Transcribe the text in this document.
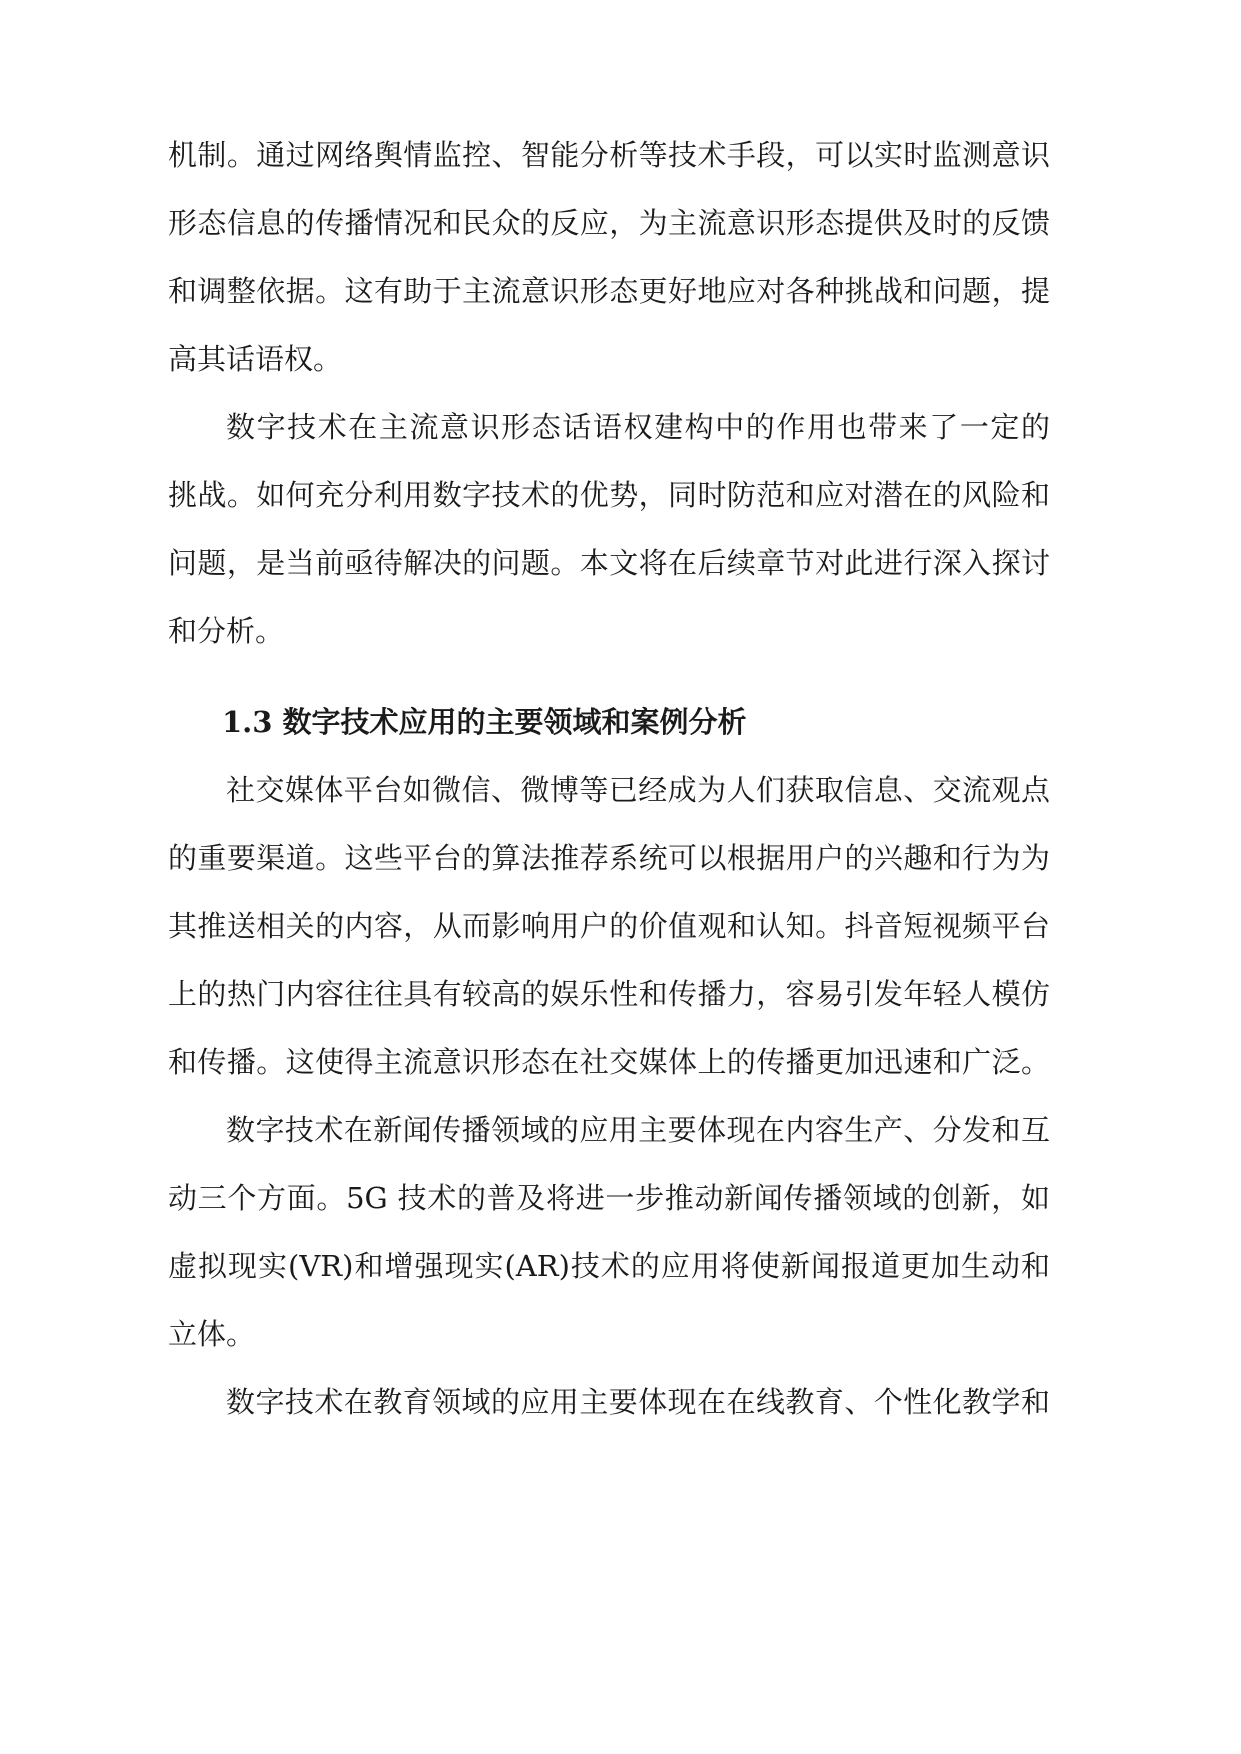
机制。通过网络舆情监控、智能分析等技术手段，可以实时监测意识
形态信息的传播情况和民众的反应，为主流意识形态提供及时的反馈
和调整依据。这有助于主流意识形态更好地应对各种挑战和问题，提
高其话语权。
数字技术在主流意识形态话语权建构中的作用也带来了一定的
挑战。如何充分利用数字技术的优势，同时防范和应对潜在的风险和
问题，是当前亟待解决的问题。本文将在后续章节对此进行深入探讨
和分析。
1.3 数字技术应用的主要领域和案例分析
社交媒体平台如微信、微博等已经成为人们获取信息、交流观点
的重要渠道。这些平台的算法推荐系统可以根据用户的兴趣和行为为
其推送相关的内容，从而影响用户的价值观和认知。抖音短视频平台
上的热门内容往往具有较高的娱乐性和传播力，容易引发年轻人模仿
和传播。这使得主流意识形态在社交媒体上的传播更加迅速和广泛。
数字技术在新闻传播领域的应用主要体现在内容生产、分发和互
动三个方面。5G 技术的普及将进一步推动新闻传播领域的创新，如
虚拟现实(VR)和增强现实(AR)技术的应用将使新闻报道更加生动和
立体。
数字技术在教育领域的应用主要体现在在线教育、个性化教学和
